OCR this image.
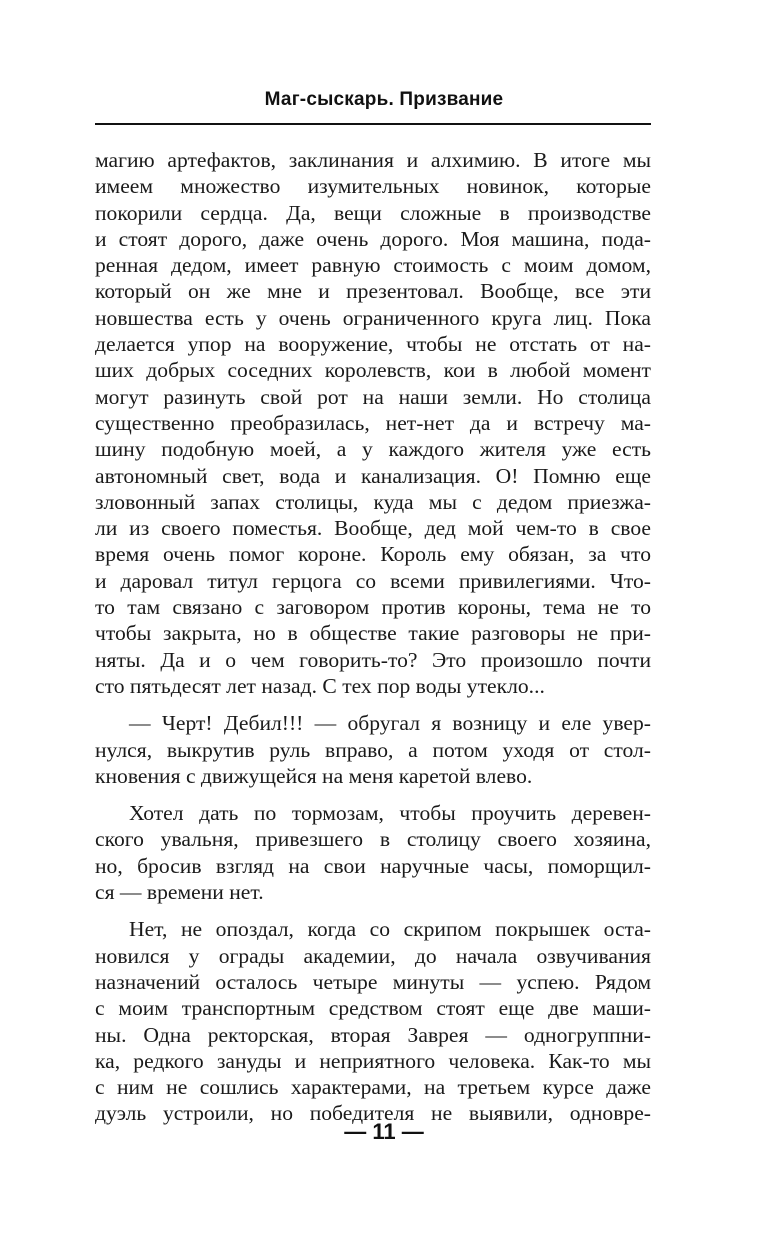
Маг-сыскарь. Призвание
магию артефактов, заклинания и алхимию. В итоге мы
имеем множество изумительных новинок, которые
покорили сердца. Да, вещи сложные в производстве
и стоят дорого, даже очень дорого. Моя машина, пода-
ренная дедом, имеет равную стоимость с моим домом,
который он же мне и презентовал. Вообще, все эти
новшества есть у очень ограниченного круга лиц. Пока
делается упор на вооружение, чтобы не отстать от на-
ших добрых соседних королевств, кои в любой момент
могут разинуть свой рот на наши земли. Но столица
существенно преобразилась, нет-нет да и встречу ма-
шину подобную моей, а у каждого жителя уже есть
автономный свет, вода и канализация. О! Помню еще
зловонный запах столицы, куда мы с дедом приезжа-
ли из своего поместья. Вообще, дед мой чем-то в свое
время очень помог короне. Король ему обязан, за что
и даровал титул герцога со всеми привилегиями. Что-
то там связано с заговором против короны, тема не то
чтобы закрыта, но в обществе такие разговоры не при-
няты. Да и о чем говорить-то? Это произошло почти
сто пятьдесят лет назад. С тех пор воды утекло...
— Черт! Дебил!!! — обругал я возницу и еле увер-
нулся, выкрутив руль вправо, а потом уходя от стол-
кновения с движущейся на меня каретой влево.
Хотел дать по тормозам, чтобы проучить деревен-
ского увальня, привезшего в столицу своего хозяина,
но, бросив взгляд на свои наручные часы, поморщил-
ся — времени нет.
Нет, не опоздал, когда со скрипом покрышек оста-
новился у ограды академии, до начала озвучивания
назначений осталось четыре минуты — успею. Рядом
с моим транспортным средством стоят еще две маши-
ны. Одна ректорская, вторая Заврея — одногруппни-
ка, редкого зануды и неприятного человека. Как-то мы
с ним не сошлись характерами, на третьем курсе даже
дуэль устроили, но победителя не выявили, одновре-
— 11 —
